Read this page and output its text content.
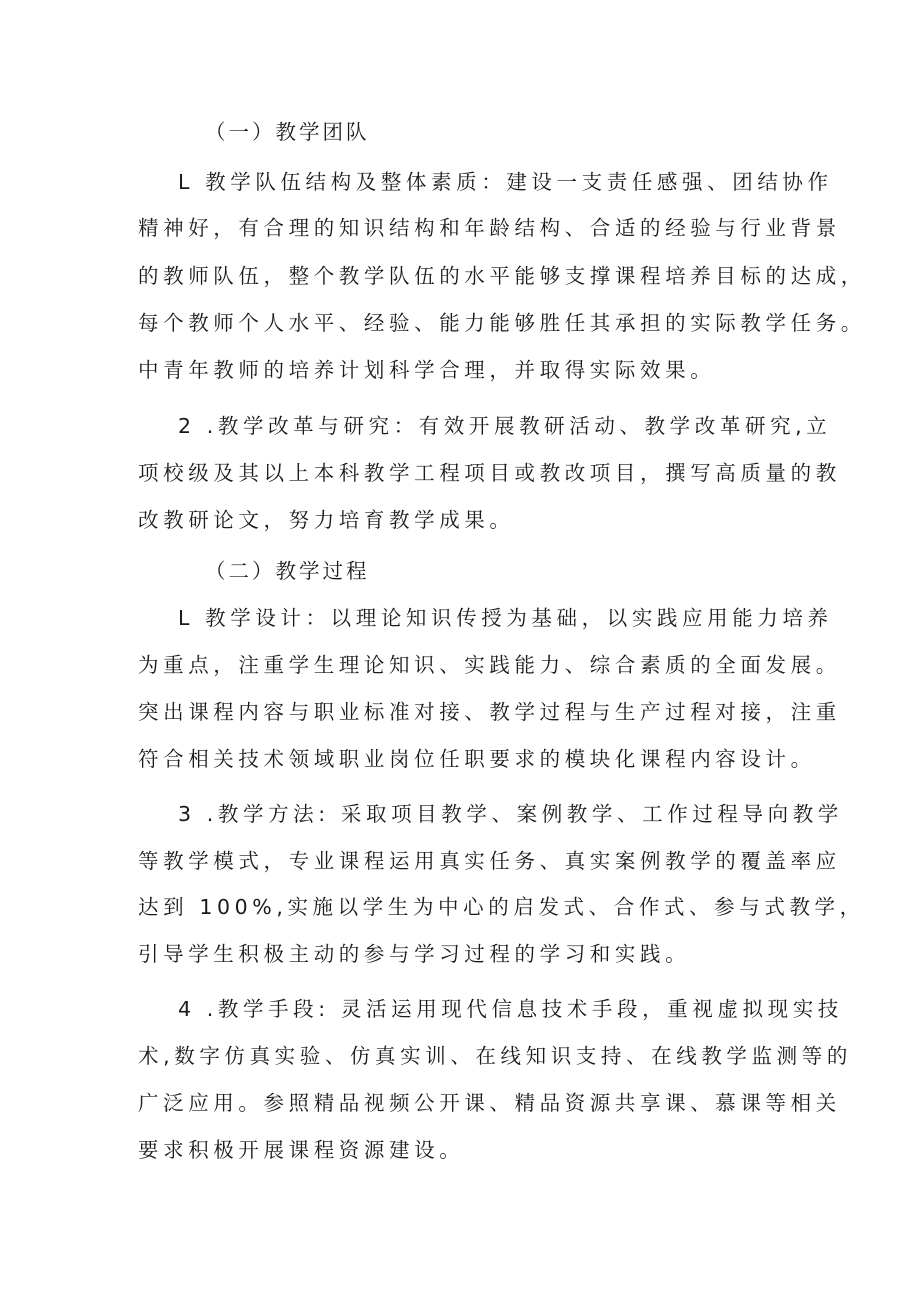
（一）教学团队
L 教学队伍结构及整体素质：建设一支责任感强、团结协作
精神好，有合理的知识结构和年龄结构、合适的经验与行业背景
的教师队伍，整个教学队伍的水平能够支撑课程培养目标的达成，
每个教师个人水平、经验、能力能够胜任其承担的实际教学任务。
中青年教师的培养计划科学合理，并取得实际效果。
2 .教学改革与研究：有效开展教研活动、教学改革研究,立
项校级及其以上本科教学工程项目或教改项目，撰写高质量的教
改教研论文，努力培育教学成果。
（二）教学过程
L 教学设计：以理论知识传授为基础，以实践应用能力培养
为重点，注重学生理论知识、实践能力、综合素质的全面发展。
突出课程内容与职业标准对接、教学过程与生产过程对接，注重
符合相关技术领域职业岗位任职要求的模块化课程内容设计。
3 .教学方法: 采取项目教学、案例教学、工作过程导向教学
等教学模式，专业课程运用真实任务、真实案例教学的覆盖率应
达到 100%,实施以学生为中心的启发式、合作式、参与式教学，
引导学生积极主动的参与学习过程的学习和实践。
4 .教学手段: 灵活运用现代信息技术手段，重视虚拟现实技
术,数字仿真实验、仿真实训、在线知识支持、在线教学监测等的
广泛应用。参照精品视频公开课、精品资源共享课、慕课等相关
要求积极开展课程资源建设。
